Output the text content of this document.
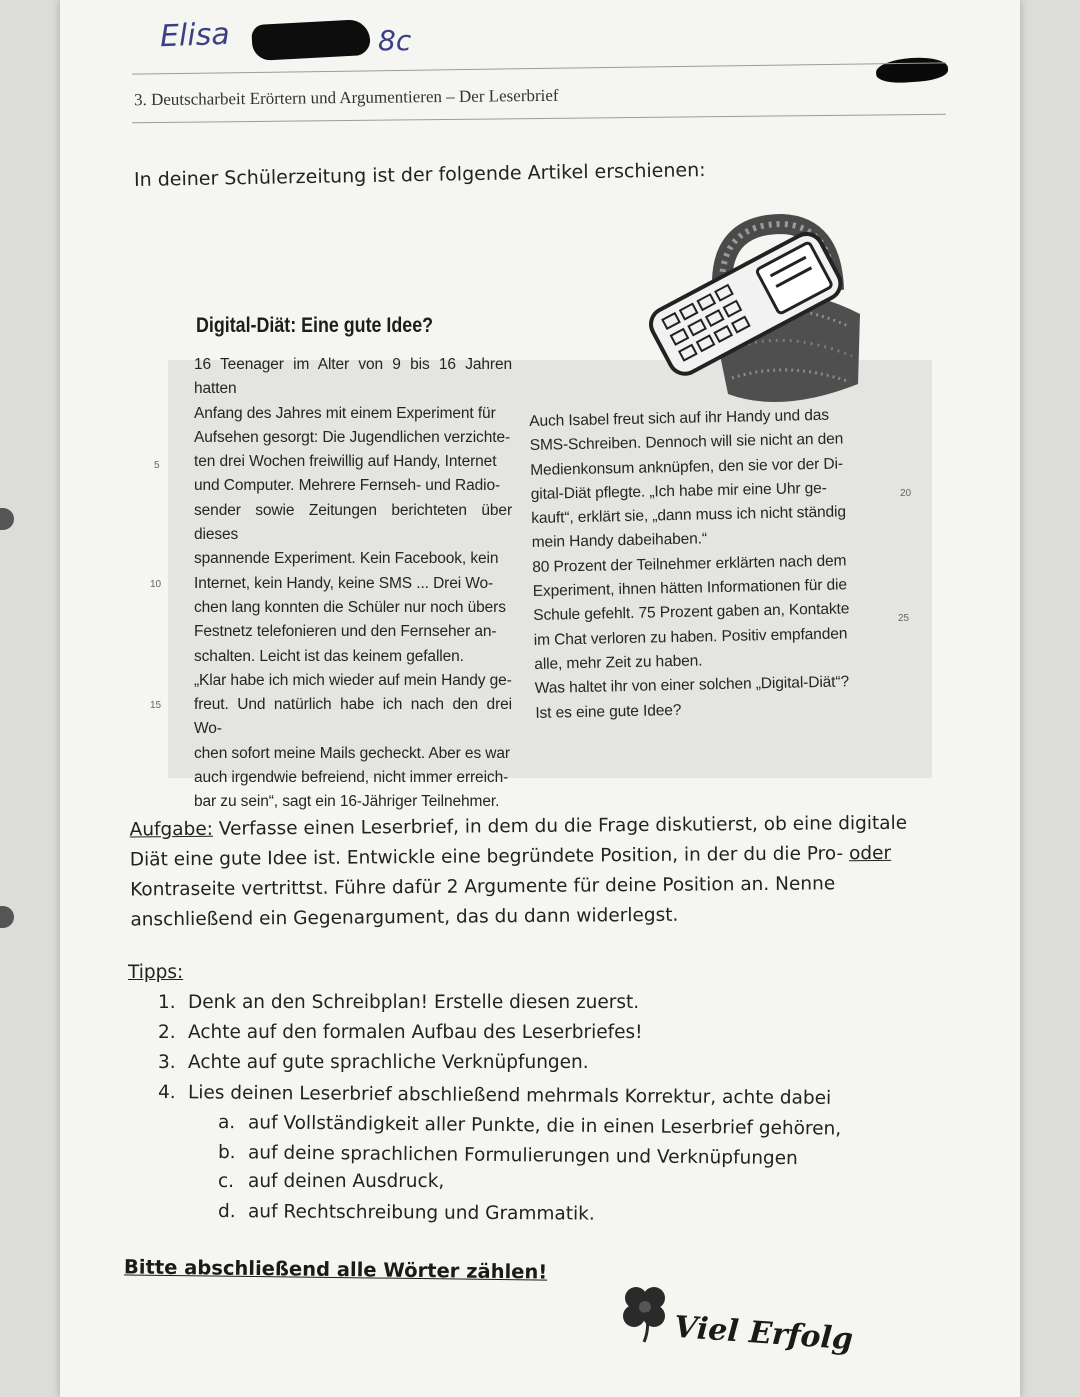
Elisa	8c
3. Deutscharbeit Erörtern und Argumentieren – Der Leserbrief
In deiner Schülerzeitung ist der folgende Artikel erschienen:
Digital-Diät: Eine gute Idee?

16 Teenager im Alter von 9 bis 16 Jahren hatten

Anfang des Jahres mit einem Experiment für

Aufsehen gesorgt: Die Jugendlichen verzichte-

ten drei Wochen freiwillig auf Handy, Internet

und Computer. Mehrere Fernseh- und Radio-

sender sowie Zeitungen berichteten über dieses

spannende Experiment. Kein Facebook, kein

Internet, kein Handy, keine SMS ... Drei Wo-

chen lang konnten die Schüler nur noch übers

Festnetz telefonieren und den Fernseher an-

schalten. Leicht ist das keinem gefallen.

„Klar habe ich mich wieder auf mein Handy ge-

freut. Und natürlich habe ich nach den drei Wo-

chen sofort meine Mails gecheckt. Aber es war

auch irgendwie befreiend, nicht immer erreich-

bar zu sein“, sagt ein 16-Jähriger Teilnehmer.

Auch Isabel freut sich auf ihr Handy und das

SMS-Schreiben. Dennoch will sie nicht an den

Medienkonsum anknüpfen, den sie vor der Di-

gital-Diät pflegte. „Ich habe mir eine Uhr ge-

kauft“, erklärt sie, „dann muss ich nicht ständig

mein Handy dabeihaben.“

80 Prozent der Teilnehmer erklärten nach dem

Experiment, ihnen hätten Informationen für die

Schule gefehlt. 75 Prozent gaben an, Kontakte

im Chat verloren zu haben. Positiv empfanden

alle, mehr Zeit zu haben.

Was haltet ihr von einer solchen „Digital-Diät“?

Ist es eine gute Idee?

5
10
15
20
25
Aufgabe: Verfasse einen Leserbrief, in dem du die Frage diskutierst, ob eine digitale Diät eine gute Idee ist. Entwickle eine begründete Position, in der du die Pro- oder Kontraseite vertrittst. Führe dafür 2 Argumente für deine Position an. Nenne anschließend ein Gegenargument, das du dann widerlegst.
Tipps:
1. Denk an den Schreibplan! Erstelle diesen zuerst.
2. Achte auf den formalen Aufbau des Leserbriefes!
3. Achte auf gute sprachliche Verknüpfungen.
4. Lies deinen Leserbrief abschließend mehrmals Korrektur, achte dabei
a. auf Vollständigkeit aller Punkte, die in einen Leserbrief gehören,
b. auf deine sprachlichen Formulierungen und Verknüpfungen
c. auf deinen Ausdruck,
d. auf Rechtschreibung und Grammatik.
Bitte abschließend alle Wörter zählen!
Viel Erfolg
